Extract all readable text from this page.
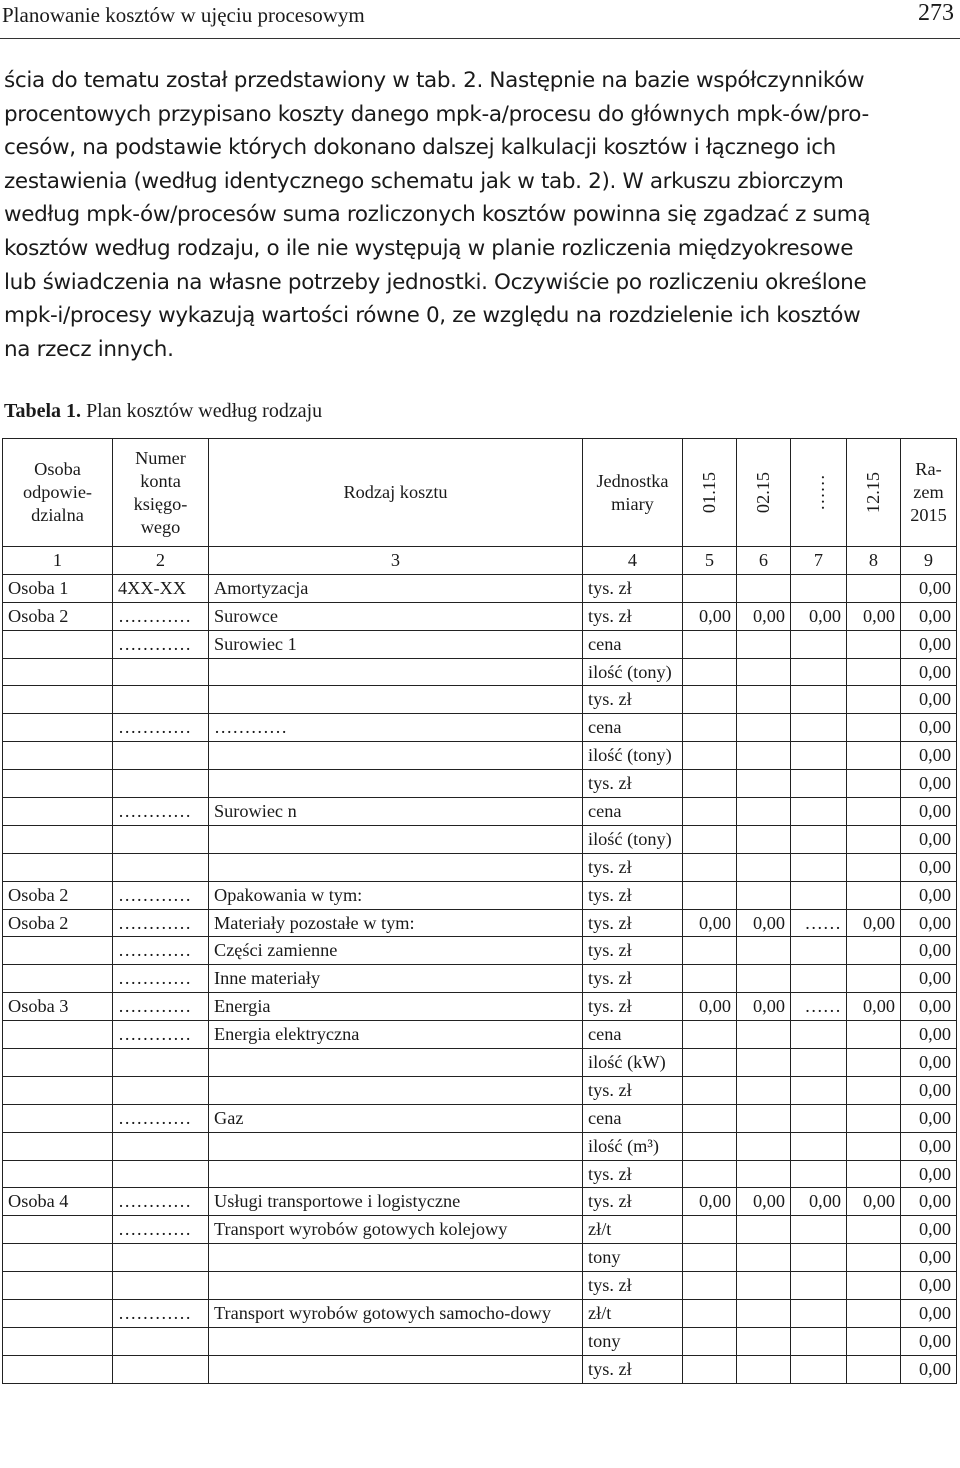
Planowanie kosztów w ujęciu procesowym	273
ścia do tematu został przedstawiony w tab. 2. Następnie na bazie współczynników
procentowych przypisano koszty danego mpk-a/procesu do głównych mpk-ów/pro-
cesów, na podstawie których dokonano dalszej kalkulacji kosztów i łącznego ich
zestawienia (według identycznego schematu jak w tab. 2). W arkuszu zbiorczym
według mpk-ów/procesów suma rozliczonych kosztów powinna się zgadzać z sumą
kosztów według rodzaju, o ile nie występują w planie rozliczenia międzyokresowe
lub świadczenia na własne potrzeby jednostki. Oczywiście po rozliczeniu określone
mpk-i/procesy wykazują wartości równe 0, ze względu na rozdzielenie ich kosztów
na rzecz innych.
Tabela 1. Plan kosztów według rodzaju
Osoba odpowie-dzialna	Numer konta księgo-wego	Rodzaj kosztu	Jednostka miary	01.15	02.15	……	12.15	Ra-zem 2015

1	2	3	4	5	6	7	8	9
Osoba 1	4XX-XX	Amortyzacja	tys. zł					0,00
Osoba 2	…………	Surowce	tys. zł	0,00	0,00	0,00	0,00	0,00
	…………	Surowiec 1	cena					0,00
			ilość (tony)					0,00
			tys. zł					0,00
	…………	…………	cena					0,00
			ilość (tony)					0,00
			tys. zł					0,00
	…………	Surowiec n	cena					0,00
			ilość (tony)					0,00
			tys. zł					0,00
Osoba 2	…………	Opakowania w tym:	tys. zł					0,00
Osoba 2	…………	Materiały pozostałe w tym:	tys. zł	0,00	0,00	……	0,00	0,00
	…………	Części zamienne	tys. zł					0,00
	…………	Inne materiały	tys. zł					0,00
Osoba 3	…………	Energia	tys. zł	0,00	0,00	……	0,00	0,00
	…………	Energia elektryczna	cena					0,00
			ilość (kW)					0,00
			tys. zł					0,00
	…………	Gaz	cena					0,00
			ilość (m³)					0,00
			tys. zł					0,00
Osoba 4	…………	Usługi transportowe i logistyczne	tys. zł	0,00	0,00	0,00	0,00	0,00
	…………	Transport wyrobów gotowych kolejowy	zł/t					0,00
			tony					0,00
			tys. zł					0,00
	…………	Transport wyrobów gotowych samocho-dowy	zł/t					0,00
			tony					0,00
			tys. zł					0,00
